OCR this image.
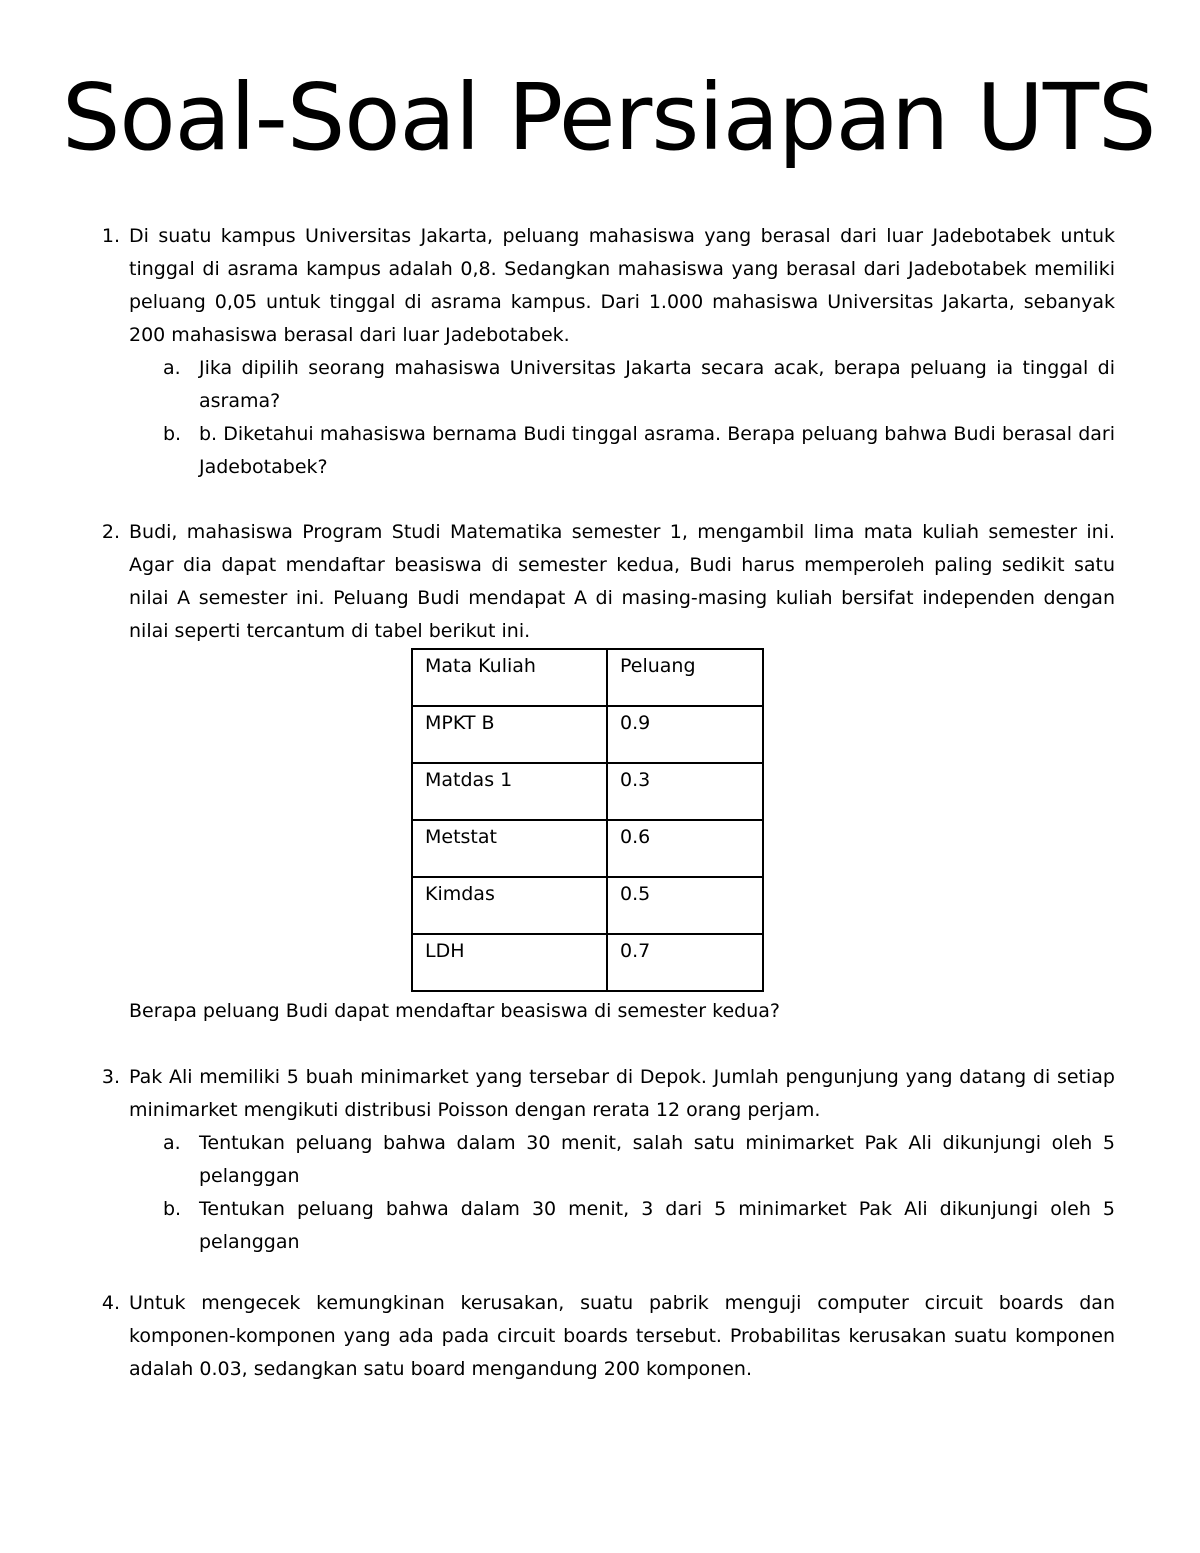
Soal-Soal Persiapan UTS
1. Di suatu kampus Universitas Jakarta, peluang mahasiswa yang berasal dari luar Jadebotabek untuk tinggal di asrama kampus adalah 0,8. Sedangkan mahasiswa yang berasal dari Jadebotabek memiliki peluang 0,05 untuk tinggal di asrama kampus. Dari 1.000 mahasiswa Universitas Jakarta, sebanyak 200 mahasiswa berasal dari luar Jadebotabek.
a. Jika dipilih seorang mahasiswa Universitas Jakarta secara acak, berapa peluang ia tinggal di asrama?
b. b. Diketahui mahasiswa bernama Budi tinggal asrama. Berapa peluang bahwa Budi berasal dari Jadebotabek?
2. Budi, mahasiswa Program Studi Matematika semester 1, mengambil lima mata kuliah semester ini. Agar dia dapat mendaftar beasiswa di semester kedua, Budi harus memperoleh paling sedikit satu nilai A semester ini. Peluang Budi mendapat A di masing-masing kuliah bersifat independen dengan nilai seperti tercantum di tabel berikut ini.
Mata Kuliah	Peluang
MPKT B	0.9
Matdas 1	0.3
Metstat	0.6
Kimdas	0.5
LDH	0.7
Berapa peluang Budi dapat mendaftar beasiswa di semester kedua?
3. Pak Ali memiliki 5 buah minimarket yang tersebar di Depok. Jumlah pengunjung yang datang di setiap minimarket mengikuti distribusi Poisson dengan rerata 12 orang perjam.
a. Tentukan peluang bahwa dalam 30 menit, salah satu minimarket Pak Ali dikunjungi oleh 5 pelanggan
b. Tentukan peluang bahwa dalam 30 menit, 3 dari 5 minimarket Pak Ali dikunjungi oleh 5 pelanggan
4. Untuk mengecek kemungkinan kerusakan, suatu pabrik menguji computer circuit boards dan komponen-komponen yang ada pada circuit boards tersebut. Probabilitas kerusakan suatu komponen adalah 0.03, sedangkan satu board mengandung 200 komponen.
